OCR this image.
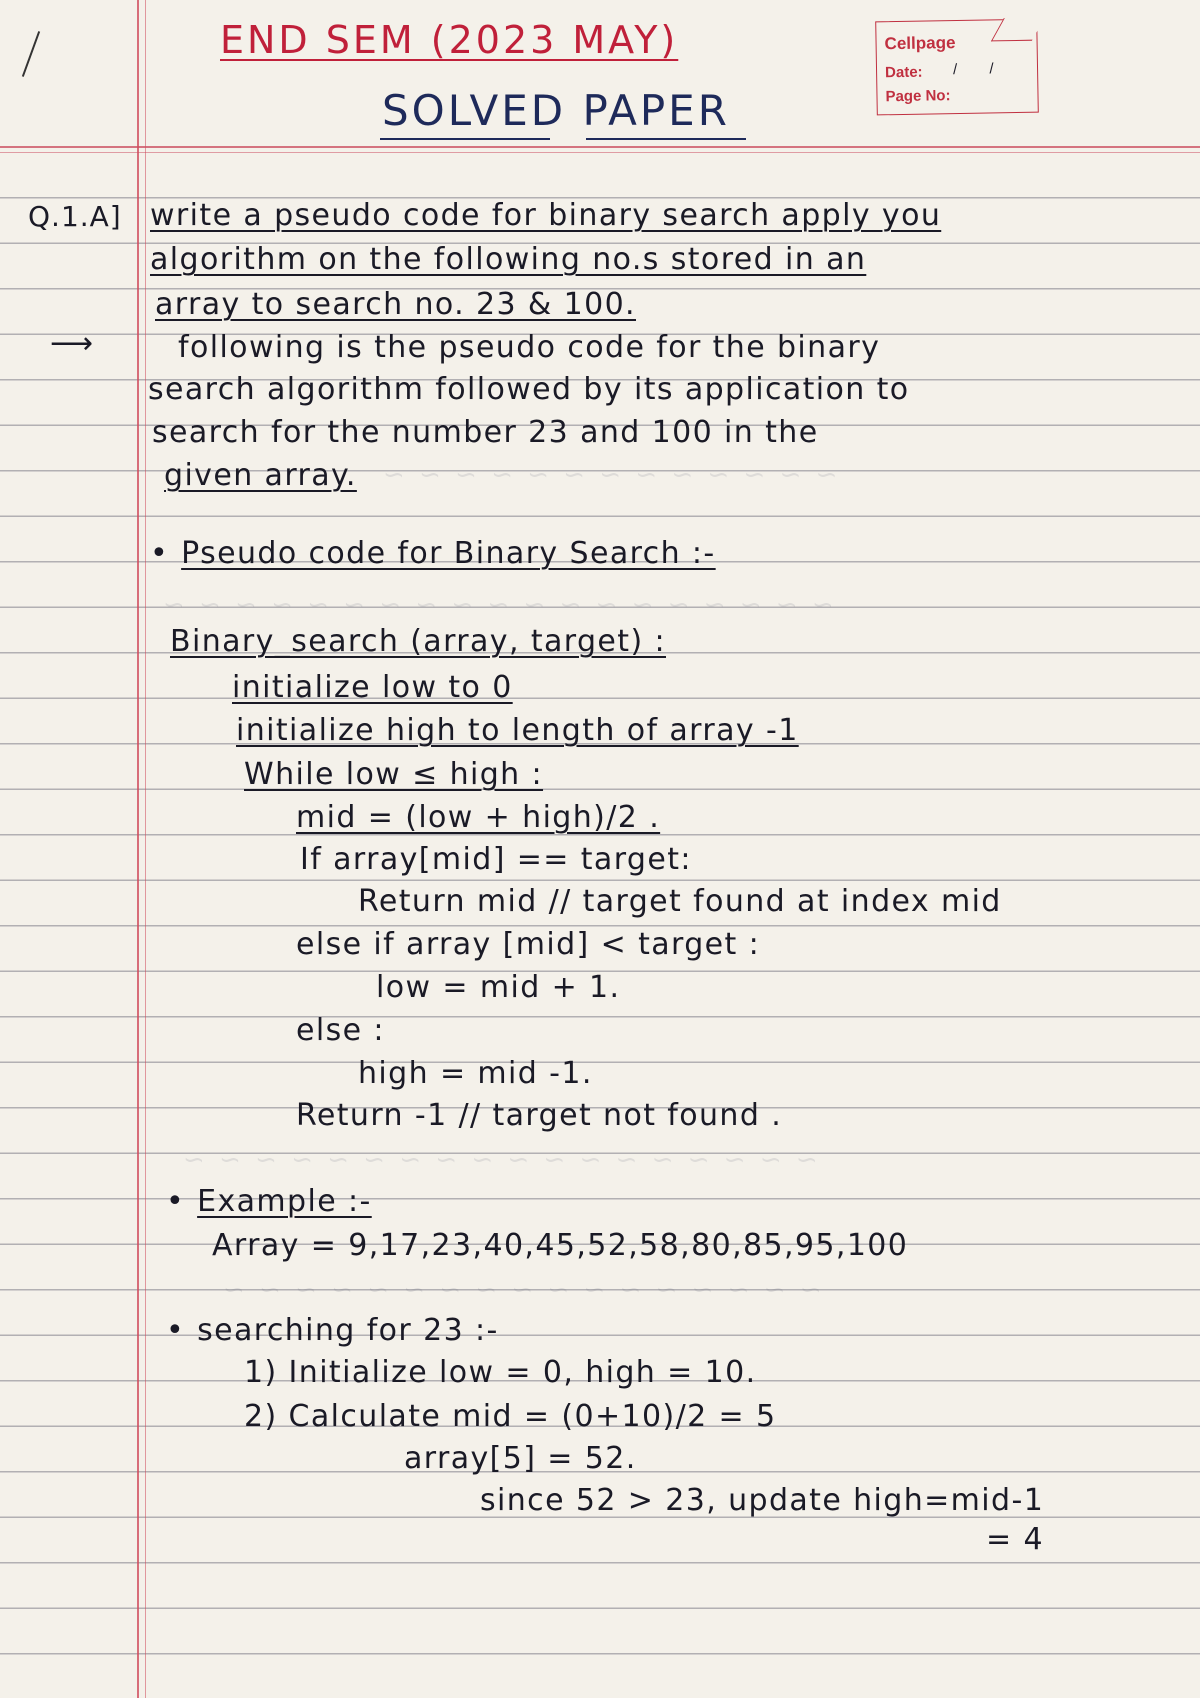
~ ~ ~ ~ ~ ~ ~ ~ ~ ~ ~ ~ ~
~ ~ ~ ~ ~ ~ ~ ~ ~ ~ ~ ~ ~ ~ ~ ~ ~ ~ ~
~ ~ ~ ~ ~ ~ ~ ~ ~ ~ ~ ~ ~ ~ ~ ~ ~ ~
~ ~ ~ ~ ~ ~ ~ ~ ~ ~ ~ ~ ~ ~ ~ ~ ~
END SEM (2023 MAY)
SOLVED PAPER
Cellpage
Date: / /
Page No:
Q.1.A] write a pseudo code for binary search apply you
algorithm on the following no.s stored in an
array to search no. 23 & 100.
⟶	following is the pseudo code for the binary
search algorithm followed by its application to
search for the number 23 and 100 in the
given array.
• Pseudo code for Binary Search :-
Binary_search (array, target) :
initialize low to 0
initialize high to length of array -1
While low ≤ high :
mid = (low + high)/2 .
If array[mid] == target:
Return mid // target found at index mid
else if array [mid] < target :
low = mid + 1.
else :
high = mid -1.
Return -1 // target not found .
• Example :-
Array = 9,17,23,40,45,52,58,80,85,95,100
• searching for 23 :-
1) Initialize low = 0, high = 10.
2) Calculate mid = (0+10)/2 = 5
array[5] = 52.
since 52 > 23, update high=mid-1
= 4
